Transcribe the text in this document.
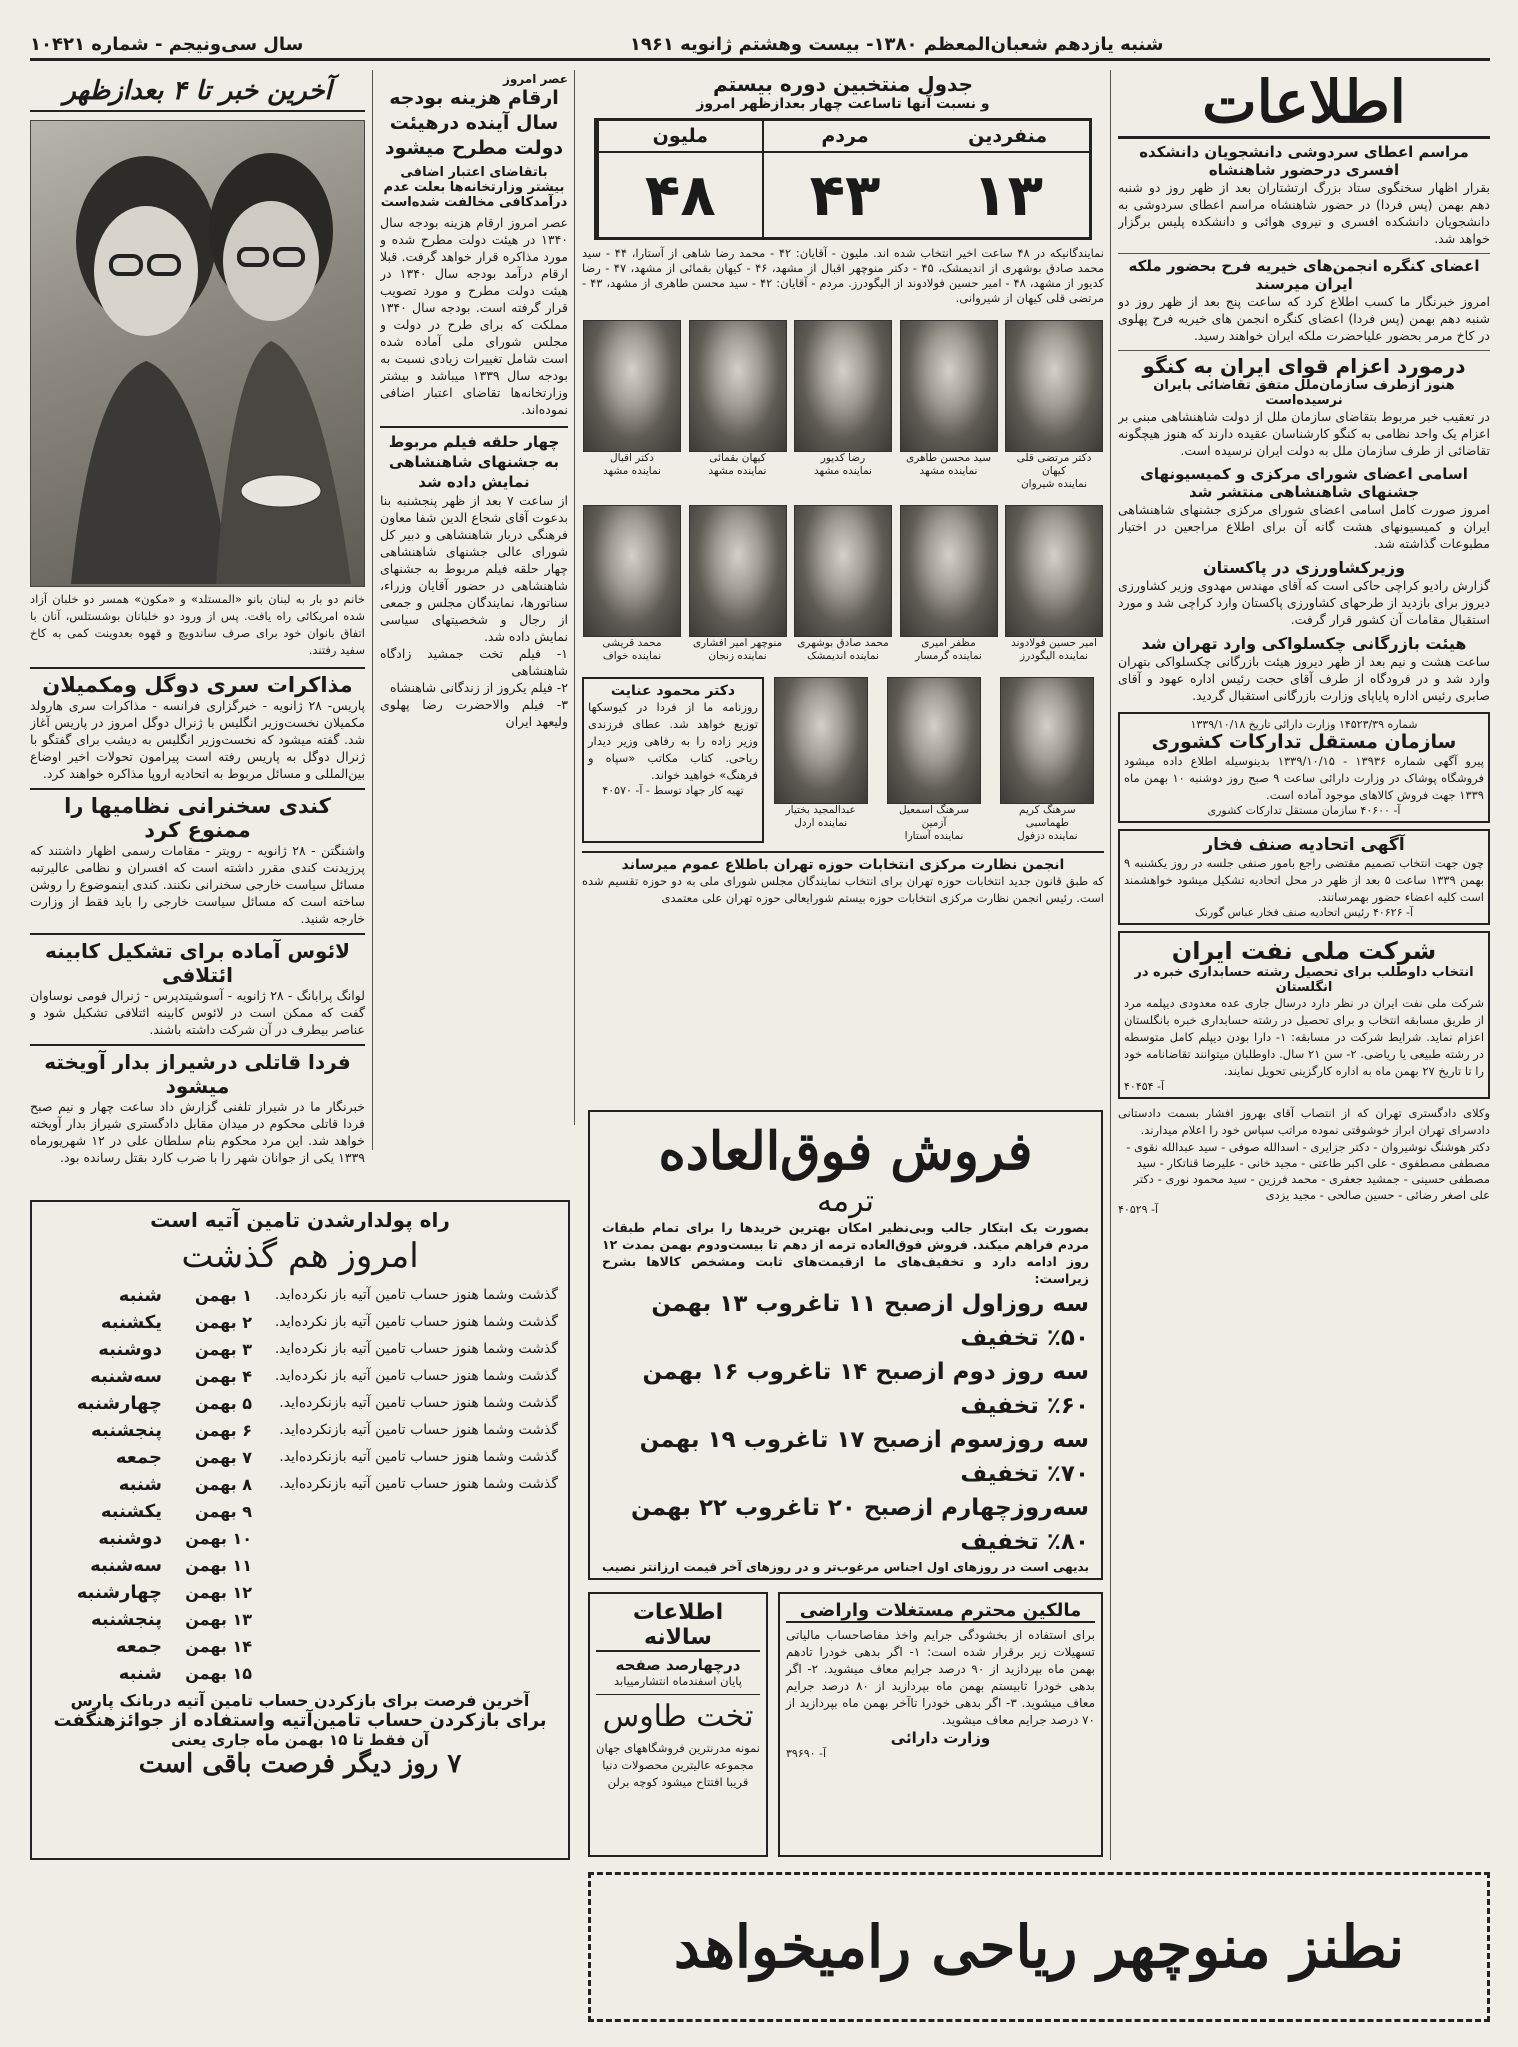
شنبه یازدهم شعبان‌المعظم ۱۳۸۰- بیست وهشتم ژانویه ۱۹۶۱
سال سی‌ونیجم - شماره ۱۰۴۲۱
آخرین خبر تا ۴ بعدازظهر
خانم دو بار به لبنان بانو «المستلد» و «مکون» همسر دو خلبان آزاد شده امریکائی راه یافت. پس از ورود دو خلبانان بوشستلس، آنان با اتفاق بانوان خود برای صرف ساندویچ و قهوه بعدوینت کمی به کاخ سفید رفتند.
مذاکرات سری دوگل ومکمیلان
پاریس- ۲۸ ژانویه - خبرگزاری فرانسه - مذاکرات سری هارولد مکمیلان نخست‌وزیر انگلیس با ژنرال دوگل امروز در پاریس آغاز شد. گفته میشود که نخست‌وزیر انگلیس به دیشب برای گفتگو با ژنرال دوگل به پاریس رفته است پیرامون تحولات اخیر اوضاع بین‌المللی و مسائل مربوط به اتحادیه اروپا مذاکره خواهند کرد.
کندی سخنرانی نظامیها را ممنوع کرد
واشنگتن - ۲۸ ژانویه - رویتر - مقامات رسمی اظهار داشتند که پرزیدنت کندی مقرر داشته است که افسران و نظامی عالیرتبه مسائل سیاست خارجی سخنرانی نکنند. کندی اینموضوع را روشن ساخته است که مسائل سیاست خارجی را باید فقط از وزارت خارجه شنید.
لائوس آماده برای تشکیل کابینه ائتلافی
لوانگ پرابانگ - ۲۸ ژانویه - آسوشیتدپرس - ژنرال فومی نوساوان گفت که ممکن است در لائوس کابینه ائتلافی تشکیل شود و عناصر بیطرف در آن شرکت داشته باشند.
فردا قاتلی درشیراز بدار آویخته میشود
خبرنگار ما در شیراز تلفنی گزارش داد ساعت چهار و نیم صبح فردا قاتلی محکوم در میدان مقابل دادگستری شیراز بدار آویخته خواهد شد. این مرد محکوم بنام سلطان علی در ۱۲ شهریورماه ۱۳۳۹ یکی از جوانان شهر را با ضرب کارد بقتل رسانده بود.
عصر امروز
ارقام هزینه بودجه سال آینده درهیئت دولت مطرح میشود
باتقاضای اعتبار اضافی بیشتر وزارتخانه‌ها بعلت عدم درآمدکافی مخالفت شده‌است
عصر امروز ارقام هزینه بودجه سال ۱۳۴۰ در هیئت دولت مطرح شده و مورد مذاکره قرار خواهد گرفت. قبلا ارقام درآمد بودجه سال ۱۳۴۰ در هیئت دولت مطرح و مورد تصویب قرار گرفته است. بودجه سال ۱۳۴۰ مملکت که برای طرح در دولت و مجلس شورای ملی آماده شده است شامل تغییرات زیادی نسبت به بودجه سال ۱۳۳۹ میباشد و بیشتر وزارتخانه‌ها تقاضای اعتبار اضافی نموده‌اند.
چهار حلقه فیلم مربوط به جشنهای شاهنشاهی نمایش داده شد
از ساعت ۷ بعد از ظهر پنجشنبه بنا بدعوت آقای شجاع الدین شفا معاون فرهنگی دربار شاهنشاهی و دبیر کل شورای عالی جشنهای شاهنشاهی چهار حلقه فیلم مربوط به جشنهای شاهنشاهی در حضور آقایان وزراء، سناتورها، نمایندگان مجلس و جمعی از رجال و شخصیتهای سیاسی نمایش داده شد.
۱- فیلم تخت جمشید زادگاه شاهنشاهی
۲- فیلم یکروز از زندگانی شاهنشاه
۳- فیلم والاحضرت رضا پهلوی ولیعهد ایران
جدول منتخبین دوره بیستم
و نسبت آنها تاساعت چهار بعدازظهر امروز
ملیون
۴۸
مردم
۴۳
منفردین
۱۳
نمایندگانیکه در ۴۸ ساعت اخیر انتخاب شده اند. ملیون - آقایان: ۴۲ - محمد رضا شاهی از آستارا، ۴۴ - سید محمد صادق بوشهری از اندیمشک، ۴۵ - دکتر منوچهر اقبال از مشهد، ۴۶ - کیهان بقمائی از مشهد، ۴۷ - رضا کدیور از مشهد، ۴۸ - امیر حسین فولادوند از الیگودرز. مردم - آقایان: ۴۲ - سید محسن طاهری از مشهد، ۴۳ - مرتضی قلی کیهان از شیروانی.
دکتر اقبال
نماینده مشهد
کیهان بقمائی
نماینده مشهد
رضا کدیور
نماینده مشهد
سید محسن طاهری
نماینده مشهد
دکتر مرتضی قلی کیهان
نماینده شیروان
محمد قریشی
نماینده خواف
منوچهر امیر افشاری
نماینده زنجان
محمد صادق بوشهری
نماینده اندیمشک
مظفر امیری
نماینده گرمسار
امیر حسین فولادوند
نماینده الیگودرز
عبدالمجید بختیار
نماینده اردل
سرهنگ اسمعیل آزمین
نماینده آستارا
سرهنگ کریم طهماسبی
نماینده دزفول
دکتر محمود عنایت
روزنامه ما از فردا در کیوسکها توزیع خواهد شد. عطای فرزندی وزیر زاده را به رفاهی وزیر دیدار ریاحی. کتاب مکاتب «سپاه و فرهنگ» خواهید خواند.
تهیه کار جهاد توسط - آ- ۴۰۵۷۰
انجمن نظارت مرکزی انتخابات حوزه تهران باطلاع عموم میرساند
که طبق قانون جدید انتخابات حوزه تهران برای انتخاب نمایندگان مجلس شورای ملی به دو حوزه تقسیم شده است. رئیس انجمن نظارت مرکزی انتخابات حوزه بیستم شورایعالی حوزه تهران علی معتمدی
اطلاعات
مراسم اعطای سردوشی دانشجویان دانشکده افسری درحضور شاهنشاه
بقرار اظهار سخنگوی ستاد بزرگ ارتشتاران بعد از ظهر روز دو شنبه دهم بهمن (پس فردا) در حضور شاهنشاه مراسم اعطای سردوشی به دانشجویان دانشکده افسری و نیروی هوائی و دانشکده پلیس برگزار خواهد شد.
اعضای کنگره انجمن‌های خیریه فرح بحضور ملکه ایران میرسند
امروز خبرنگار ما کسب اطلاع کرد که ساعت پنج بعد از ظهر روز دو شنبه دهم بهمن (پس فردا) اعضای کنگره انجمن های خیریه فرح پهلوی در کاخ مرمر بحضور علیاحضرت ملکه ایران خواهند رسید.
درمورد اعزام قوای ایران به کنگو
هنوز ازطرف سازمان‌ملل متفق تقاضائی بایران نرسیده‌است
در تعقیب خبر مربوط بتقاضای سازمان ملل از دولت شاهنشاهی مبنی بر اعزام یک واحد نظامی به کنگو کارشناسان عقیده دارند که هنوز هیچگونه تقاضائی از طرف سازمان ملل به دولت ایران نرسیده است.
اسامی اعضای شورای مرکزی و کمیسیونهای جشنهای شاهنشاهی منتشر شد
امروز صورت کامل اسامی اعضای شورای مرکزی جشنهای شاهنشاهی ایران و کمیسیونهای هشت گانه آن برای اطلاع مراجعین در اختیار مطبوعات گذاشته شد.
وزیرکشاورزی در پاکستان
گزارش رادیو کراچی حاکی است که آقای مهندس مهدوی وزیر کشاورزی دیروز برای بازدید از طرحهای کشاورزی پاکستان وارد کراچی شد و مورد استقبال مقامات آن کشور قرار گرفت.
هیئت بازرگانی چکسلواکی وارد تهران شد
ساعت هشت و نیم بعد از ظهر دیروز هیئت بازرگانی چکسلواکی بتهران وارد شد و در فرودگاه از طرف آقای حجت رئیس اداره عهود و آقای صابری رئیس اداره پایاپای وزارت بازرگانی استقبال گردید.
شماره ۱۴۵۲۳/۳۹ وزارت دارائی تاریخ ۱۳۳۹/۱۰/۱۸
سازمان مستقل تدارکات کشوری
پیرو آگهی شماره ۱۳۹۳۶ - ۱۳۳۹/۱۰/۱۵ بدینوسیله اطلاع داده میشود فروشگاه پوشاک در وزارت دارائی ساعت ۹ صبح روز دوشنبه ۱۰ بهمن ماه ۱۳۳۹ جهت فروش کالاهای موجود آماده است.
آ- ۴۰۶۰۰ سازمان مستقل تدارکات کشوری
آگهی اتحادیه صنف فخار
چون جهت انتخاب تصمیم مقتضی راجع بامور صنفی جلسه در روز یکشنبه ۹ بهمن ۱۳۳۹ ساعت ۵ بعد از ظهر در محل اتحادیه تشکیل میشود خواهشمند است کلیه اعضاء حضور بهمرسانند.
آ- ۴۰۶۲۶ رئیس اتحادیه صنف فخار عباس گورنک
شرکت ملی نفت ایران
انتخاب داوطلب برای تحصیل رشته حسابداری خبره در انگلستان
شرکت ملی نفت ایران در نظر دارد درسال جاری عده معدودی دیپلمه مرد از طریق مسابقه انتخاب و برای تحصیل در رشته حسابداری خبره بانگلستان اعزام نماید. شرایط شرکت در مسابقه: ۱- دارا بودن دیپلم کامل متوسطه در رشته طبیعی یا ریاضی. ۲- سن ۲۱ سال. داوطلبان میتوانند تقاضانامه خود را تا تاریخ ۲۷ بهمن ماه به اداره کارگزینی تحویل نمایند.
آ- ۴۰۴۵۴
وکلای دادگستری تهران که از انتصاب آقای بهروز افشار بسمت دادستانی دادسرای تهران ابراز خوشوقتی نموده مراتب سپاس خود را اعلام میدارند.
دکتر هوشنگ نوشیروان - دکتر جزایری - اسدالله صوفی - سید عبدالله نقوی - مصطفی مصطفوی - علی اکبر طاعتی - مجید خانی - علیرضا قناتکار - سید مصطفی حسینی - جمشید جعفری - محمد فرزین - سید محمود نوری - دکتر علی اصغر رضائی - حسین صالحی - مجید یزدی
آ- ۴۰۵۲۹
راه پولدارشدن تامین آتیه است
امروز هم گذشت
شنبه	۱ بهمن	گذشت وشما هنوز حساب تامین آتیه باز نکرده‌اید.
یکشنبه	۲ بهمن	گذشت وشما هنوز حساب تامین آتیه باز نکرده‌اید.
دوشنبه	۳ بهمن	گذشت وشما هنوز حساب تامین آتیه باز نکرده‌اید.
سه‌شنبه	۴ بهمن	گذشت وشما هنوز حساب تامین آتیه باز نکرده‌اید.
چهارشنبه	۵ بهمن	گذشت وشما هنوز حساب تامین آتیه بازنکرده‌اید.
پنجشنبه	۶ بهمن	گذشت وشما هنوز حساب تامین آتیه بازنکرده‌اید.
جمعه	۷ بهمن	گذشت وشما هنوز حساب تامین آتیه بازنکرده‌اید.
شنبه	۸ بهمن	گذشت وشما هنوز حساب تامین آتیه بازنکرده‌اید.
یکشنبه	۹ بهمن
دوشنبه	۱۰ بهمن
سه‌شنبه	۱۱ بهمن
چهارشنبه	۱۲ بهمن
پنجشنبه	۱۳ بهمن
جمعه	۱۴ بهمن
شنبه	۱۵ بهمن
آخرین فرصت برای بازکردن حساب تامین آتیه دربانک پارس
برای بازکردن حساب تامین‌آتیه واستفاده از جوائزهنگفت
آن فقط تا ۱۵ بهمن ماه جاری یعنی
۷ روز دیگر فرصت باقی است
فروش فوق‌العاده
ترمه
بصورت یک ابتکار جالب وبی‌نظیر امکان بهترین خریدها را برای تمام طبقات مردم فراهم میکند. فروش فوق‌العاده ترمه از دهم تا بیست‌ودوم بهمن بمدت ۱۲ روز ادامه دارد و تخفیف‌های ما ازقیمت‌های ثابت ومشخص کالاها بشرح زیراست:
سه روزاول ازصبح ۱۱ تاغروب ۱۳ بهمن ۵۰٪ تخفیف
سه روز دوم ازصبح ۱۴ تاغروب ۱۶ بهمن ۶۰٪ تخفیف
سه روزسوم ازصبح ۱۷ تاغروب ۱۹ بهمن ۷۰٪ تخفیف
سه‌روزچهارم ازصبح ۲۰ تاغروب ۲۲ بهمن ۸۰٪ تخفیف
بدیهی است در روزهای اول اجناس مرغوب‌تر و در روزهای آخر قیمت ارزانتر نصیب
اطلاعات سالانه
درچهارصد صفحه
پایان اسفندماه انتشارمییابد
تخت طاوس
نمونه مدرنترین فروشگاههای جهان مجموعه عالیترین محصولات دنیا قریبا افتتاح میشود کوچه برلن
مالکین محترم مستغلات واراضی
برای استفاده از بخشودگی جرایم واخذ مفاصاحساب مالیاتی تسهیلات زیر برقرار شده است: ۱- اگر بدهی خودرا تادهم بهمن ماه بپردازید از ۹۰ درصد جرایم معاف میشوید. ۲- اگر بدهی خودرا تابیستم بهمن ماه بپردازید از ۸۰ درصد جرایم معاف میشوید. ۳- اگر بدهی خودرا تاآخر بهمن ماه بپردازید از ۷۰ درصد جرایم معاف میشوید.
وزارت دارائی
آ- ۳۹۶۹۰
نطنز منوچهر ریاحی رامیخواهد
